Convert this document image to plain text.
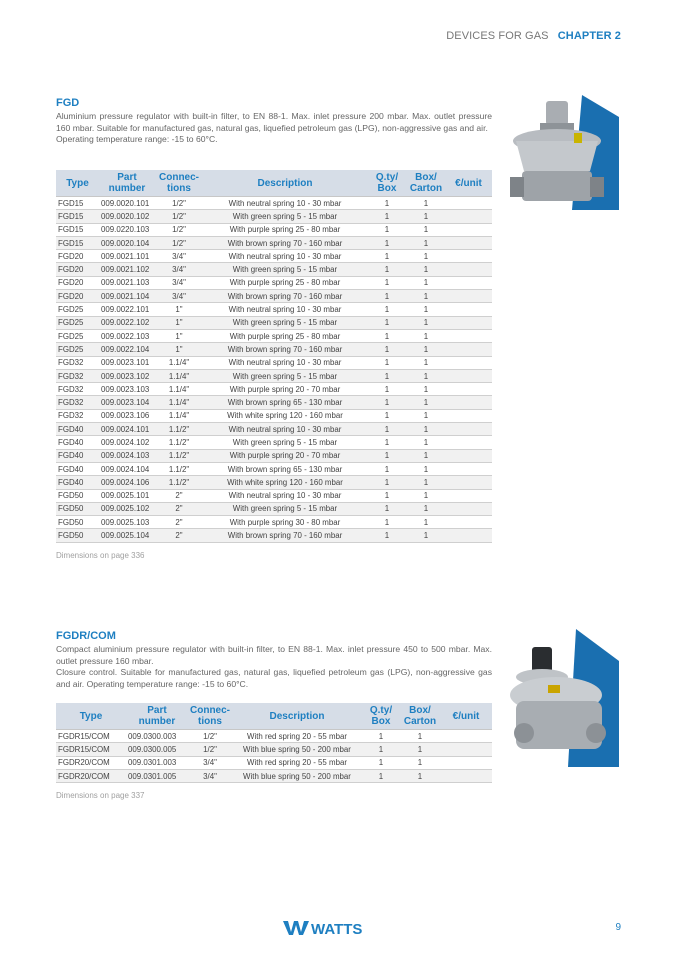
DEVICES FOR GAS CHAPTER 2
FGD

Aluminium pressure regulator with built-in filter, to EN 88-1. Max. inlet pressure 200 mbar. Max. outlet pressure 160 mbar. Suitable for manufactured gas, natural gas, liquefied petroleum gas (LPG), non-aggressive gas and air.

Operating temperature range: -15 to 60°C.

Type	Part number	Connec-tions	Description	Q.ty/ Box	Box/ Carton	€/unit
FGD15	009.0020.101	1/2"	With neutral spring 10 - 30 mbar	1	1	
FGD15	009.0020.102	1/2"	With green spring 5 - 15 mbar	1	1	
FGD15	009.0220.103	1/2"	With purple spring 25 - 80 mbar	1	1	
FGD15	009.0020.104	1/2"	With brown spring 70 - 160 mbar	1	1	
FGD20	009.0021.101	3/4"	With neutral spring 10 - 30 mbar	1	1	
FGD20	009.0021.102	3/4"	With green spring 5 - 15 mbar	1	1	
FGD20	009.0021.103	3/4"	With purple spring 25 - 80 mbar	1	1	
FGD20	009.0021.104	3/4"	With brown spring 70 - 160 mbar	1	1	
FGD25	009.0022.101	1"	With neutral spring 10 - 30 mbar	1	1	
FGD25	009.0022.102	1"	With green spring 5 - 15 mbar	1	1	
FGD25	009.0022.103	1"	With purple spring 25 - 80 mbar	1	1	
FGD25	009.0022.104	1"	With brown spring 70 - 160 mbar	1	1	
FGD32	009.0023.101	1.1/4"	With neutral spring 10 - 30 mbar	1	1	
FGD32	009.0023.102	1.1/4"	With green spring 5 - 15 mbar	1	1	
FGD32	009.0023.103	1.1/4"	With purple spring 20 - 70 mbar	1	1	
FGD32	009.0023.104	1.1/4"	With brown spring 65 - 130 mbar	1	1	
FGD32	009.0023.106	1.1/4"	With white spring 120 - 160 mbar	1	1	
FGD40	009.0024.101	1.1/2"	With neutral spring 10 - 30 mbar	1	1	
FGD40	009.0024.102	1.1/2"	With green spring 5 - 15 mbar	1	1	
FGD40	009.0024.103	1.1/2"	With purple spring 20 - 70 mbar	1	1	
FGD40	009.0024.104	1.1/2"	With brown spring 65 - 130 mbar	1	1	
FGD40	009.0024.106	1.1/2"	With white spring 120 - 160 mbar	1	1	
FGD50	009.0025.101	2"	With neutral spring 10 - 30 mbar	1	1	
FGD50	009.0025.102	2"	With green spring 5 - 15 mbar	1	1	
FGD50	009.0025.103	2"	With purple spring 30 - 80 mbar	1	1	
FGD50	009.0025.104	2"	With brown spring 70 - 160 mbar	1	1	
Dimensions on page 336
FGDR/COM

Compact aluminium pressure regulator with built-in filter, to EN 88-1. Max. inlet pressure 450 to 500 mbar. Max. outlet pressure 160 mbar.

Closure control. Suitable for manufactured gas, natural gas, liquefied petroleum gas (LPG), non-aggressive gas and air. Operating temperature range: -15 to 60°C.

Type	Part number	Connec-tions	Description	Q.ty/ Box	Box/ Carton	€/unit
FGDR15/COM	009.0300.003	1/2"	With red spring 20 - 55 mbar	1	1	
FGDR15/COM	009.0300.005	1/2"	With blue spring 50 - 200 mbar	1	1	
FGDR20/COM	009.0301.003	3/4"	With red spring 20 - 55 mbar	1	1	
FGDR20/COM	009.0301.005	3/4"	With blue spring 50 - 200 mbar	1	1	
Dimensions on page 337
WATTS	9
